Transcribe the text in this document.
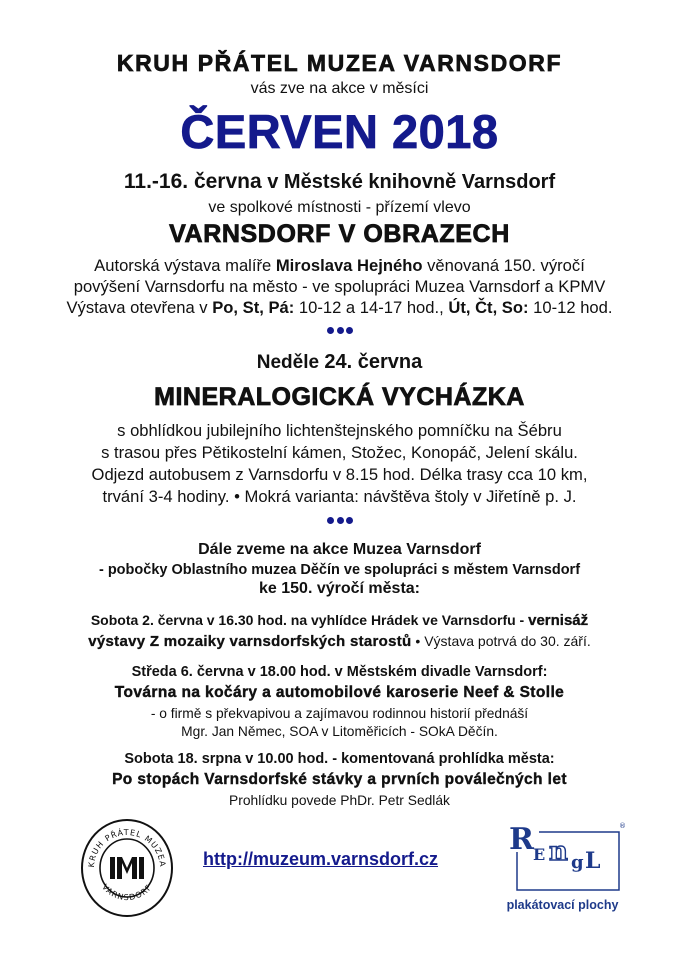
KRUH PŘÁTEL MUZEA VARNSDORF
vás zve na akce v měsíci
ČERVEN 2018
11.-16. června v Městské knihovně Varnsdorf
ve spolkové místnosti - přízemí vlevo
VARNSDORF V OBRAZECH
Autorská výstava malíře Miroslava Hejného věnovaná 150. výročí
povýšení Varnsdorfu na město - ve spolupráci Muzea Varnsdorf a KPMV
Výstava otevřena v Po, St, Pá: 10-12 a 14-17 hod., Út, Čt, So: 10-12 hod.
Neděle 24. června
MINERALOGICKÁ VYCHÁZKA
s obhlídkou jubilejního lichtenštejnského pomníčku na Šébru
s trasou přes Pětikostelní kámen, Stožec, Konopáč, Jelení skálu.
Odjezd autobusem z Varnsdorfu v 8.15 hod. Délka trasy cca 10 km,
trvání 3-4 hodiny. • Mokrá varianta: návštěva štoly v Jiřetíně p. J.
Dále zveme na akce Muzea Varnsdorf
- pobočky Oblastního muzea Děčín ve spolupráci s městem Varnsdorf
ke 150. výročí města:
Sobota 2. června v 16.30 hod. na vyhlídce Hrádek ve Varnsdorfu - vernisáž
výstavy Z mozaiky varnsdorfských starostů • Výstava potrvá do 30. září.
Středa 6. června v 18.00 hod. v Městském divadle Varnsdorf:
Továrna na kočáry a automobilové karoserie Neef & Stolle
- o firmě s překvapivou a zajímavou rodinnou historií přednáší
Mgr. Jan Němec, SOA v Litoměřicích - SOkA Děčín.
Sobota 18. srpna v 10.00 hod. - komentovaná prohlídka města:
Po stopách Varnsdorfské stávky a prvních poválečných let
Prohlídku povede PhDr. Petr Sedlák
KRUH PŘÁTEL MUZEA
VARNSDORF
http://muzeum.varnsdorf.cz
R E n g L
®
plakátovací plochy
